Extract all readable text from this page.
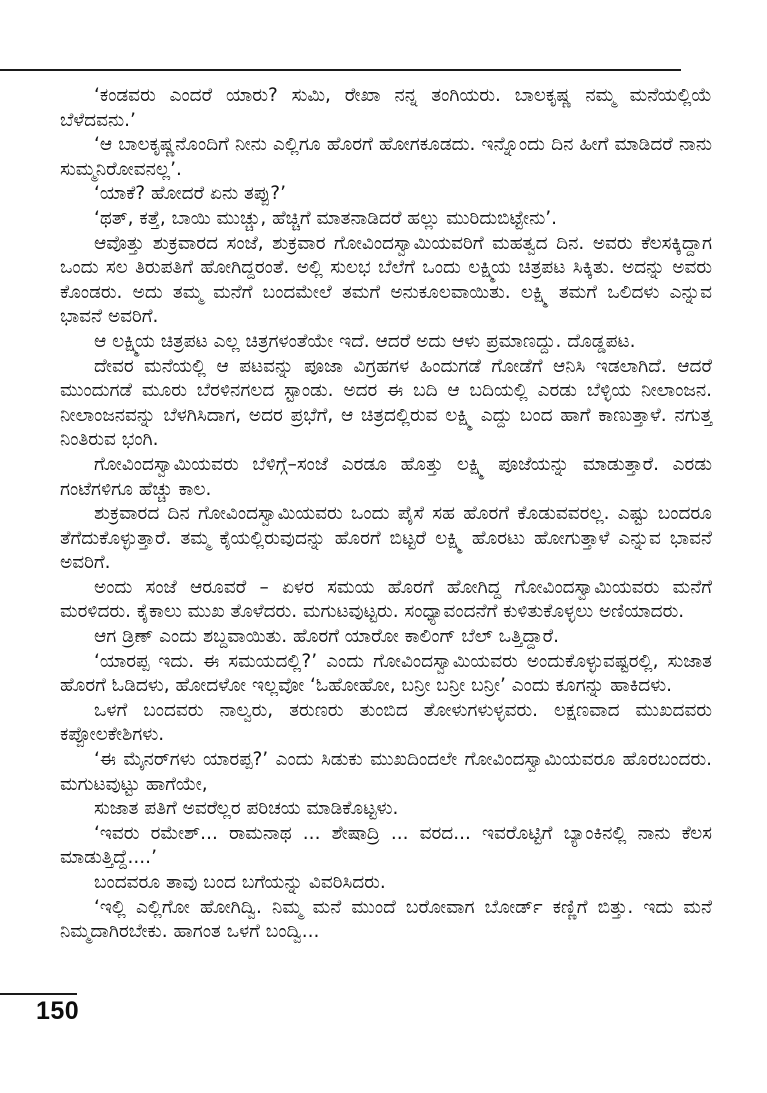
‘ಕಂಡವರು ಎಂದರೆ ಯಾರು? ಸುಮಿ, ರೇಖಾ ನನ್ನ ತಂಗಿಯರು. ಬಾಲಕೃಷ್ಣ ನಮ್ಮ ಮನೆಯಲ್ಲಿಯೆ ಬೆಳೆದವನು.’

‘ಆ ಬಾಲಕೃಷ್ಣನೊಂದಿಗೆ ನೀನು ಎಲ್ಲಿಗೂ ಹೊರಗೆ ಹೋಗಕೂಡದು. ಇನ್ನೊಂದು ದಿನ ಹೀಗೆ ಮಾಡಿದರೆ ನಾನು ಸುಮ್ಮನಿರೋವನಲ್ಲ’.

‘ಯಾಕೆ? ಹೋದರೆ ಏನು ತಪ್ಪು?’

‘ಥತ್, ಕತ್ತೆ, ಬಾಯಿ ಮುಚ್ಚು, ಹೆಚ್ಚಿಗೆ ಮಾತನಾಡಿದರೆ ಹಲ್ಲು ಮುರಿದುಬಿಟ್ಟೇನು’.

ಆವೊತ್ತು ಶುಕ್ರವಾರದ ಸಂಜೆ, ಶುಕ್ರವಾರ ಗೋವಿಂದಸ್ವಾಮಿಯವರಿಗೆ ಮಹತ್ವದ ದಿನ. ಅವರು ಕೆಲಸಕ್ಕಿದ್ದಾಗ ಒಂದು ಸಲ ತಿರುಪತಿಗೆ ಹೋಗಿದ್ದರಂತೆ. ಅಲ್ಲಿ ಸುಲಭ ಬೆಲೆಗೆ ಒಂದು ಲಕ್ಷ್ಮಿಯ ಚಿತ್ರಪಟ ಸಿಕ್ಕಿತು. ಅದನ್ನು ಅವರು ಕೊಂಡರು. ಅದು ತಮ್ಮ ಮನೆಗೆ ಬಂದಮೇಲೆ ತಮಗೆ ಅನುಕೂಲವಾಯಿತು. ಲಕ್ಷ್ಮಿ ತಮಗೆ ಒಲಿದಳು ಎನ್ನುವ ಭಾವನೆ ಅವರಿಗೆ.

ಆ ಲಕ್ಷ್ಮಿಯ ಚಿತ್ರಪಟ ಎಲ್ಲ ಚಿತ್ರಗಳಂತೆಯೇ ಇದೆ. ಆದರೆ ಅದು ಆಳು ಪ್ರಮಾಣದ್ದು. ದೊಡ್ಡಪಟ.

ದೇವರ ಮನೆಯಲ್ಲಿ ಆ ಪಟವನ್ನು ಪೂಜಾ ವಿಗ್ರಹಗಳ ಹಿಂದುಗಡೆ ಗೋಡೆಗೆ ಆನಿಸಿ ಇಡಲಾಗಿದೆ. ಆದರೆ ಮುಂದುಗಡೆ ಮೂರು ಬೆರಳಿನಗಲದ ಸ್ಟಾಂಡು. ಅದರ ಈ ಬದಿ ಆ ಬದಿಯಲ್ಲಿ ಎರಡು ಬೆಳ್ಳಿಯ ನೀಲಾಂಜನ. ನೀಲಾಂಜನವನ್ನು ಬೆಳಗಿಸಿದಾಗ, ಅದರ ಪ್ರಭೆಗೆ, ಆ ಚಿತ್ರದಲ್ಲಿರುವ ಲಕ್ಷ್ಮಿ ಎದ್ದು ಬಂದ ಹಾಗೆ ಕಾಣುತ್ತಾಳೆ. ನಗುತ್ತ ನಿಂತಿರುವ ಭಂಗಿ.

ಗೋವಿಂದಸ್ವಾಮಿಯವರು ಬೆಳಿಗ್ಗೆ–ಸಂಜೆ ಎರಡೂ ಹೊತ್ತು ಲಕ್ಷ್ಮಿ ಪೂಜೆಯನ್ನು ಮಾಡುತ್ತಾರೆ. ಎರಡು ಗಂಟೆಗಳಿಗೂ ಹೆಚ್ಚು ಕಾಲ.

ಶುಕ್ರವಾರದ ದಿನ ಗೋವಿಂದಸ್ವಾಮಿಯವರು ಒಂದು ಪೈಸೆ ಸಹ ಹೊರಗೆ ಕೊಡುವವರಲ್ಲ. ಎಷ್ಟು ಬಂದರೂ ತೆಗೆದುಕೊಳ್ಳುತ್ತಾರೆ. ತಮ್ಮ ಕೈಯಲ್ಲಿರುವುದನ್ನು ಹೊರಗೆ ಬಿಟ್ಟರೆ ಲಕ್ಷ್ಮಿ ಹೊರಟು ಹೋಗುತ್ತಾಳೆ ಎನ್ನುವ ಭಾವನೆ ಅವರಿಗೆ.

ಅಂದು ಸಂಜೆ ಆರೂವರೆ – ಏಳರ ಸಮಯ ಹೊರಗೆ ಹೋಗಿದ್ದ ಗೋವಿಂದಸ್ವಾಮಿಯವರು ಮನೆಗೆ ಮರಳಿದರು. ಕೈಕಾಲು ಮುಖ ತೊಳೆದರು. ಮಗುಟವುಟ್ಟರು. ಸಂಧ್ಯಾವಂದನೆಗೆ ಕುಳಿತುಕೊಳ್ಳಲು ಅಣಿಯಾದರು.

ಆಗ ಡ್ರಿಣ್ ಎಂದು ಶಬ್ದವಾಯಿತು. ಹೊರಗೆ ಯಾರೋ ಕಾಲಿಂಗ್ ಬೆಲ್ ಒತ್ತಿದ್ದಾರೆ.

‘ಯಾರಪ್ಪ ಇದು. ಈ ಸಮಯದಲ್ಲಿ?’ ಎಂದು ಗೋವಿಂದಸ್ವಾಮಿಯವರು ಅಂದುಕೊಳ್ಳುವಷ್ಟರಲ್ಲಿ, ಸುಜಾತ ಹೊರಗೆ ಓಡಿದಳು, ಹೋದಳೋ ಇಲ್ಲವೋ ‘ಓಹೋಹೋ, ಬನ್ರೀ ಬನ್ರೀ ಬನ್ರೀ’ ಎಂದು ಕೂಗನ್ನು ಹಾಕಿದಳು.

ಒಳಗೆ ಬಂದವರು ನಾಲ್ವರು, ತರುಣರು ತುಂಬಿದ ತೋಳುಗಳುಳ್ಳವರು. ಲಕ್ಷಣವಾದ ಮುಖದವರು ಕಪ್ಪೋಲಕೇಶಿಗಳು.

‘ಈ ಮೈನರ್‌ಗಳು ಯಾರಪ್ಪ?’ ಎಂದು ಸಿಡುಕು ಮುಖದಿಂದಲೇ ಗೋವಿಂದಸ್ವಾಮಿಯವರೂ ಹೊರಬಂದರು. ಮಗುಟವುಟ್ಟು ಹಾಗೆಯೇ,

ಸುಜಾತ ಪತಿಗೆ ಅವರೆಲ್ಲರ ಪರಿಚಯ ಮಾಡಿಕೊಟ್ಟಳು.

‘ಇವರು ರಮೇಶ್... ರಾಮನಾಥ ... ಶೇಷಾದ್ರಿ ... ವರದ... ಇವರೊಟ್ಟಿಗೆ ಬ್ಯಾಂಕಿನಲ್ಲಿ ನಾನು ಕೆಲಸ ಮಾಡುತ್ತಿದ್ದೆ....’

ಬಂದವರೂ ತಾವು ಬಂದ ಬಗೆಯನ್ನು ವಿವರಿಸಿದರು.

‘ಇಲ್ಲಿ ಎಲ್ಲಿಗೋ ಹೋಗಿದ್ವಿ. ನಿಮ್ಮ ಮನೆ ಮುಂದೆ ಬರೋವಾಗ ಬೋರ್ಡ್ ಕಣ್ಣಿಗೆ ಬಿತ್ತು. ಇದು ಮನೆ ನಿಮ್ಮದಾಗಿರಬೇಕು. ಹಾಗಂತ ಒಳಗೆ ಬಂದ್ವಿ...

150
